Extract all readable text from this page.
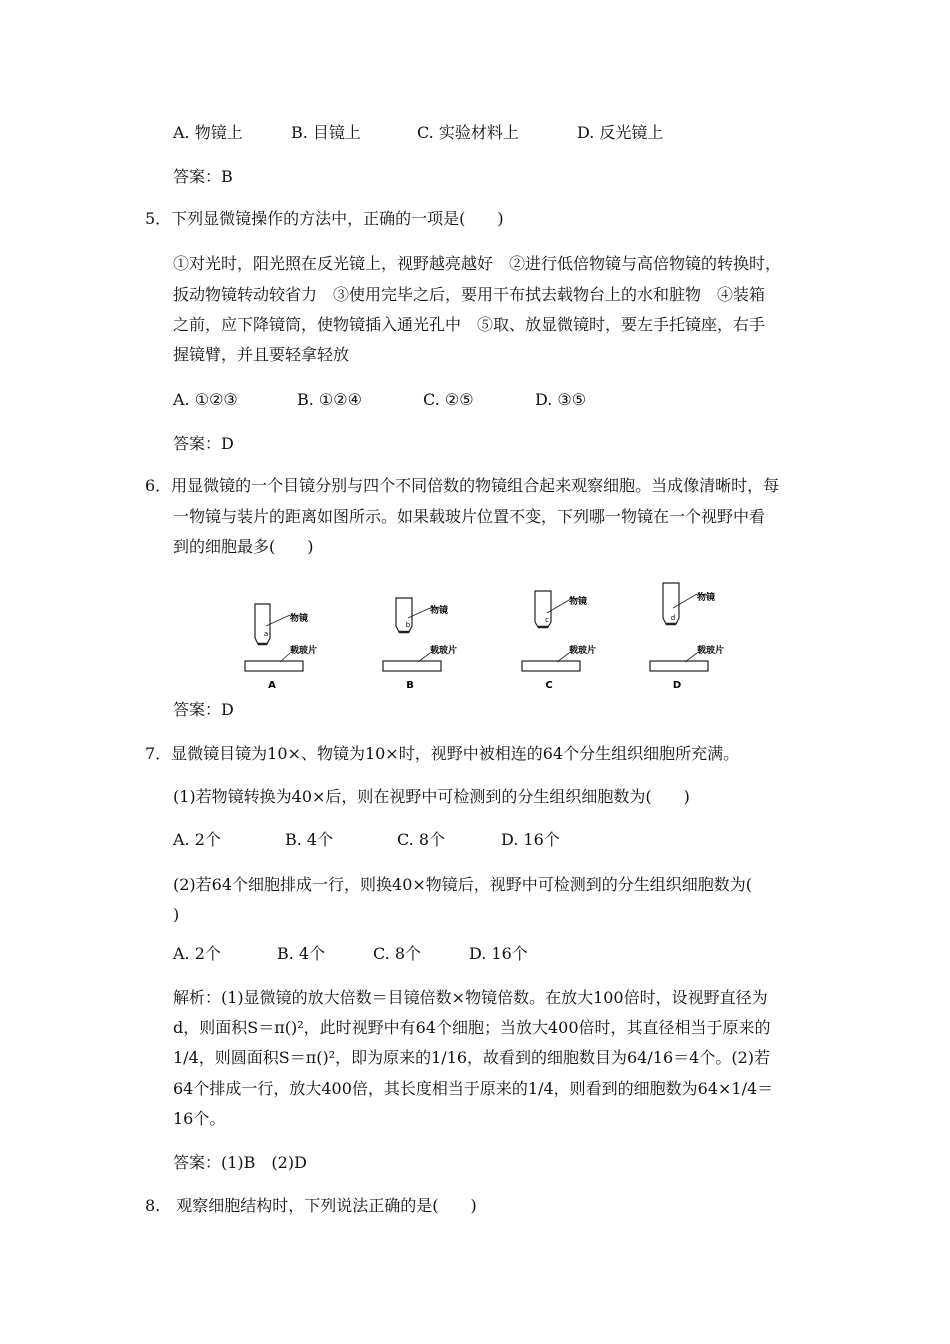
A. 物镜上	B. 目镜上	C. 实验材料上	D. 反光镜上
答案：B
5．下列显微镜操作的方法中，正确的一项是(　　)
①对光时，阳光照在反光镜上，视野越亮越好　②进行低倍物镜与高倍物镜的转换时，
扳动物镜转动较省力　③使用完毕之后，要用干布拭去载物台上的水和脏物　④装箱
之前，应下降镜筒，使物镜插入通光孔中　⑤取、放显微镜时，要左手托镜座，右手
握镜臂，并且要轻拿轻放
A. ①②③	B. ①②④	C. ②⑤	D. ③⑤
答案：D
6．用显微镜的一个目镜分别与四个不同倍数的物镜组合起来观察细胞。当成像清晰时，每
一物镜与装片的距离如图所示。如果载玻片位置不变，下列哪一物镜在一个视野中看
到的细胞最多(　　)
a
物镜
载玻片
A
b
物镜
载玻片
B
c
物镜
载玻片
C
d
物镜
载玻片
D
答案：D
7．显微镜目镜为10×、物镜为10×时，视野中被相连的64个分生组织细胞所充满。
(1)若物镜转换为40×后，则在视野中可检测到的分生组织细胞数为(　　)
A. 2个	B. 4个	C. 8个	D. 16个
(2)若64个细胞排成一行，则换40×物镜后，视野中可检测到的分生组织细胞数为(
)
A. 2个	B. 4个	C. 8个	D. 16个
解析：(1)显微镜的放大倍数＝目镜倍数×物镜倍数。在放大100倍时，设视野直径为
d，则面积S＝π()²，此时视野中有64个细胞；当放大400倍时，其直径相当于原来的
1/4，则圆面积S＝π()²，即为原来的1/16，故看到的细胞数目为64/16＝4个。(2)若
64个排成一行，放大400倍，其长度相当于原来的1/4，则看到的细胞数为64×1/4＝
16个。
答案：(1)B　(2)D
8.　观察细胞结构时，下列说法正确的是(　　)
